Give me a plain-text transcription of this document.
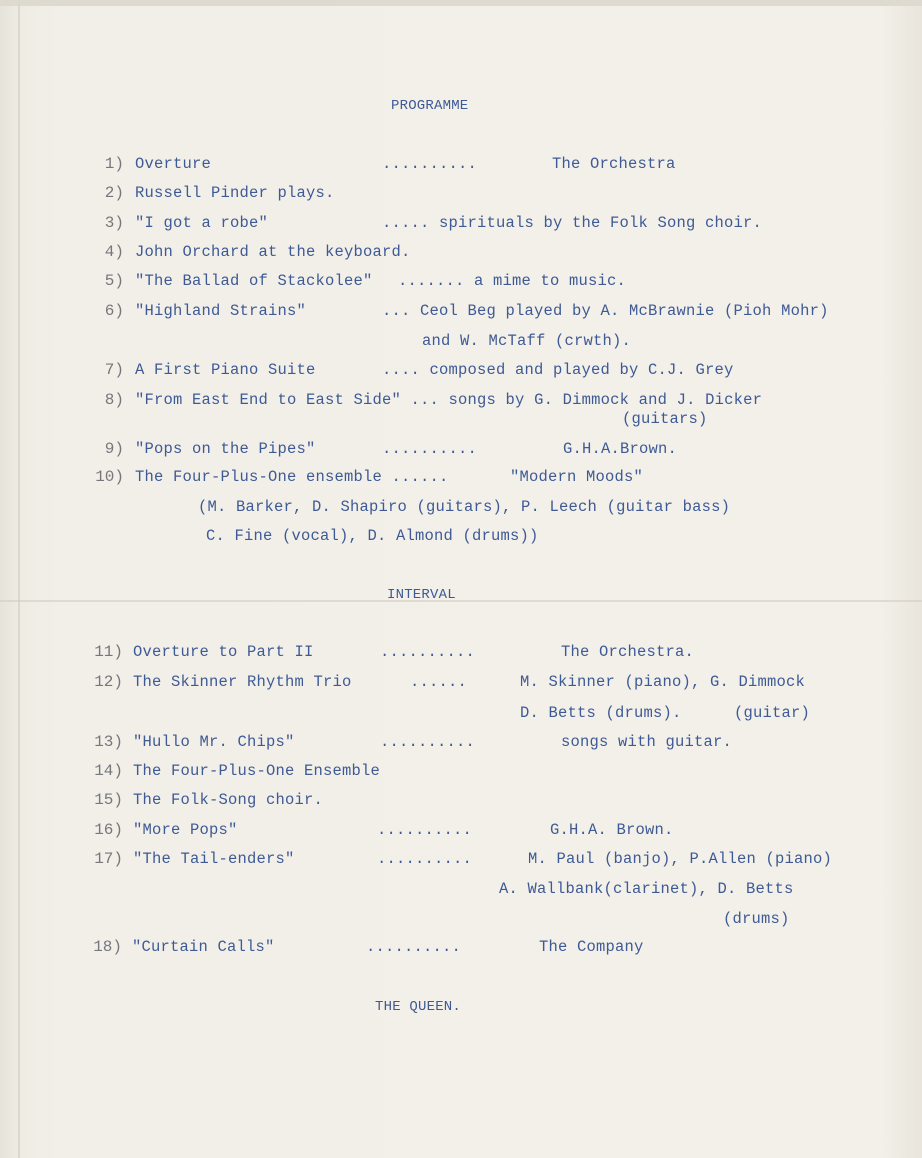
PROGRAMME
1) Overture	..........	The Orchestra
2) Russell Pinder plays.
3) "I got a robe"	..... spirituals by the Folk Song choir.
4) John Orchard at the keyboard.
5) "The Ballad of Stackolee" ....... a mime to music.
6) "Highland Strains"	... Ceol Beg played by A. McBrawnie (Pioh Mohr)
and W. McTaff (crwth).
7) A First Piano Suite	.... composed and played by C.J. Grey
8) "From East End to East Side" ... songs by G. Dimmock and J. Dicker
(guitars)
9) "Pops on the Pipes"	..........	G.H.A.Brown.
10) The Four-Plus-One ensemble ......	"Modern Moods"
(M. Barker, D. Shapiro (guitars), P. Leech (guitar bass)
C. Fine (vocal), D. Almond (drums))
INTERVAL
11) Overture to Part II	..........	The Orchestra.
12) The Skinner Rhythm Trio	......	M. Skinner (piano), G. Dimmock
D. Betts (drums).	(guitar)
13) "Hullo Mr. Chips"	..........	songs with guitar.
14) The Four-Plus-One Ensemble
15) The Folk-Song choir.
16) "More Pops"	..........	G.H.A. Brown.
17) "The Tail-enders"	..........	M. Paul (banjo), P.Allen (piano)
A. Wallbank(clarinet), D. Betts
(drums)
18) "Curtain Calls"	..........	The Company
THE QUEEN.
